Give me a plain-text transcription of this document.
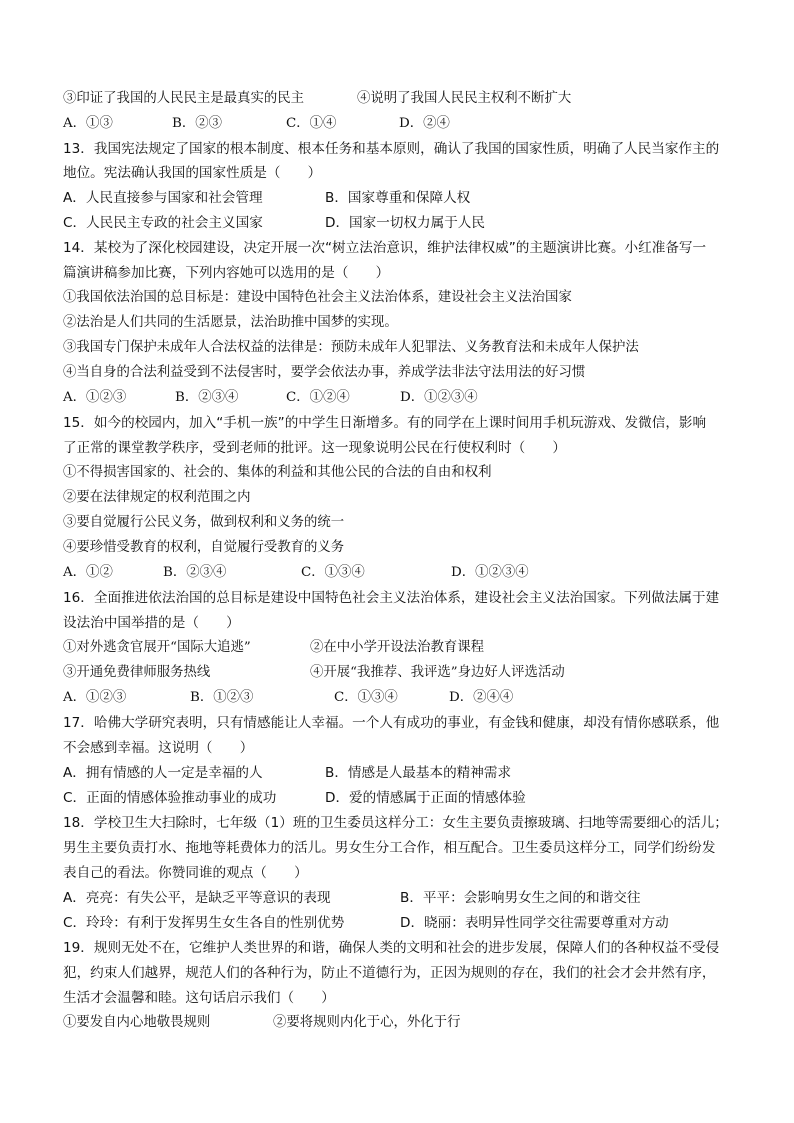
③印证了我国的人民民主是最真实的民主	④说明了我国人民民主权利不断扩大
A．①③	B．②③	C．①④	D．②④
13．我国宪法规定了国家的根本制度、根本任务和基本原则，确认了我国的国家性质，明确了人民当家作主的
地位。宪法确认我国的国家性质是（　　）
A．人民直接参与国家和社会管理	B．国家尊重和保障人权
C．人民民主专政的社会主义国家	D．国家一切权力属于人民
14．某校为了深化校园建设，决定开展一次“树立法治意识，维护法律权威”的主题演讲比赛。小红准备写一
篇演讲稿参加比赛，下列内容她可以选用的是（　　）
①我国依法治国的总目标是：建设中国特色社会主义法治体系，建设社会主义法治国家
②法治是人们共同的生活愿景，法治助推中国梦的实现。
③我国专门保护未成年人合法权益的法律是：预防未成年人犯罪法、义务教育法和未成年人保护法
④当自身的合法利益受到不法侵害时，要学会依法办事，养成学法非法守法用法的好习惯
A．①②③	B．②③④	C．①②④	D．①②③④
15．如今的校园内，加入“手机一族”的中学生日渐增多。有的同学在上课时间用手机玩游戏、发微信，影响
了正常的课堂教学秩序，受到老师的批评。这一现象说明公民在行使权利时（　　）
①不得损害国家的、社会的、集体的利益和其他公民的合法的自由和权利
②要在法律规定的权利范围之内
③要自觉履行公民义务，做到权利和义务的统一
④要珍惜受教育的权利，自觉履行受教育的义务
A．①②	B．②③④	C．①③④	D．①②③④
16．全面推进依法治国的总目标是建设中国特色社会主义法治体系，建设社会主义法治国家。下列做法属于建
设法治中国举措的是（　　）
①对外逃贪官展开“国际大追逃”	②在中小学开设法治教育课程
③开通免费律师服务热线	④开展“我推荐、我评选”身边好人评选活动
A．①②③	B．①②③	C．①③④	D．②④④
17．哈佛大学研究表明，只有情感能让人幸福。一个人有成功的事业，有金钱和健康，却没有情你感联系，他
不会感到幸福。这说明（　　）
A．拥有情感的人一定是幸福的人	B．情感是人最基本的精神需求
C．正面的情感体验推动事业的成功	D．爱的情感属于正面的情感体验
18．学校卫生大扫除时，七年级（1）班的卫生委员这样分工：女生主要负责擦玻璃、扫地等需要细心的活儿；
男生主要负责打水、拖地等耗费体力的活儿。男女生分工合作，相互配合。卫生委员这样分工，同学们纷纷发
表自己的看法。你赞同谁的观点（　　）
A．亮亮：有失公平，是缺乏平等意识的表现	B．平平：会影响男女生之间的和谐交往
C．玲玲：有利于发挥男生女生各自的性别优势	D．晓丽：表明异性同学交往需要尊重对方动
19．规则无处不在，它维护人类世界的和谐，确保人类的文明和社会的进步发展，保障人们的各种权益不受侵
犯，约束人们越界，规范人们的各种行为，防止不道德行为，正因为规则的存在，我们的社会才会井然有序，
生活才会温馨和睦。这句话启示我们（　　）
①要发自内心地敬畏规则	②要将规则内化于心，外化于行
